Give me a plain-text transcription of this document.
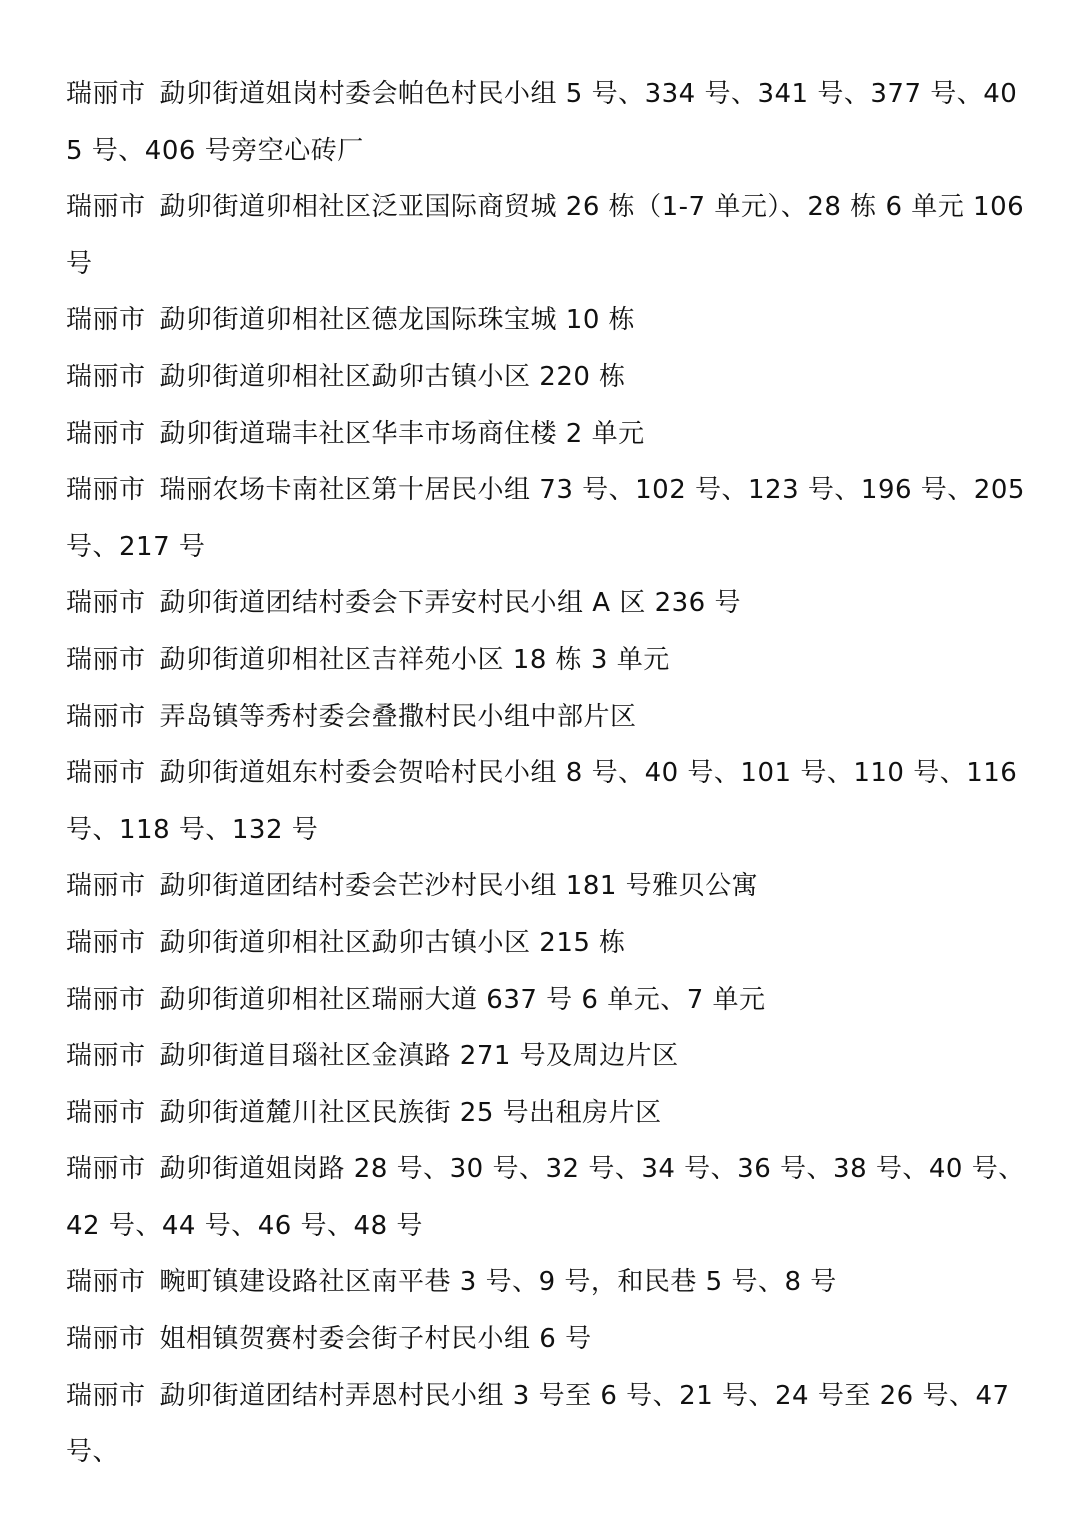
瑞丽市 勐卯街道姐岗村委会帕色村民小组 5 号、334 号、341 号、377 号、405 号、406 号旁空心砖厂
瑞丽市 勐卯街道卯相社区泛亚国际商贸城 26 栋（1-7 单元）、28 栋 6 单元 106 号
瑞丽市 勐卯街道卯相社区德龙国际珠宝城 10 栋
瑞丽市 勐卯街道卯相社区勐卯古镇小区 220 栋
瑞丽市 勐卯街道瑞丰社区华丰市场商住楼 2 单元
瑞丽市 瑞丽农场卡南社区第十居民小组 73 号、102 号、123 号、196 号、205 号、217 号
瑞丽市 勐卯街道团结村委会下弄安村民小组 A 区 236 号
瑞丽市 勐卯街道卯相社区吉祥苑小区 18 栋 3 单元
瑞丽市 弄岛镇等秀村委会叠撒村民小组中部片区
瑞丽市 勐卯街道姐东村委会贺哈村民小组 8 号、40 号、101 号、110 号、116 号、118 号、132 号
瑞丽市 勐卯街道团结村委会芒沙村民小组 181 号雅贝公寓
瑞丽市 勐卯街道卯相社区勐卯古镇小区 215 栋
瑞丽市 勐卯街道卯相社区瑞丽大道 637 号 6 单元、7 单元
瑞丽市 勐卯街道目瑙社区金滇路 271 号及周边片区
瑞丽市 勐卯街道麓川社区民族街 25 号出租房片区
瑞丽市 勐卯街道姐岗路 28 号、30 号、32 号、34 号、36 号、38 号、40 号、42 号、44 号、46 号、48 号
瑞丽市 畹町镇建设路社区南平巷 3 号、9 号，和民巷 5 号、8 号
瑞丽市 姐相镇贺赛村委会街子村民小组 6 号
瑞丽市 勐卯街道团结村弄恩村民小组 3 号至 6 号、21 号、24 号至 26 号、47 号、
